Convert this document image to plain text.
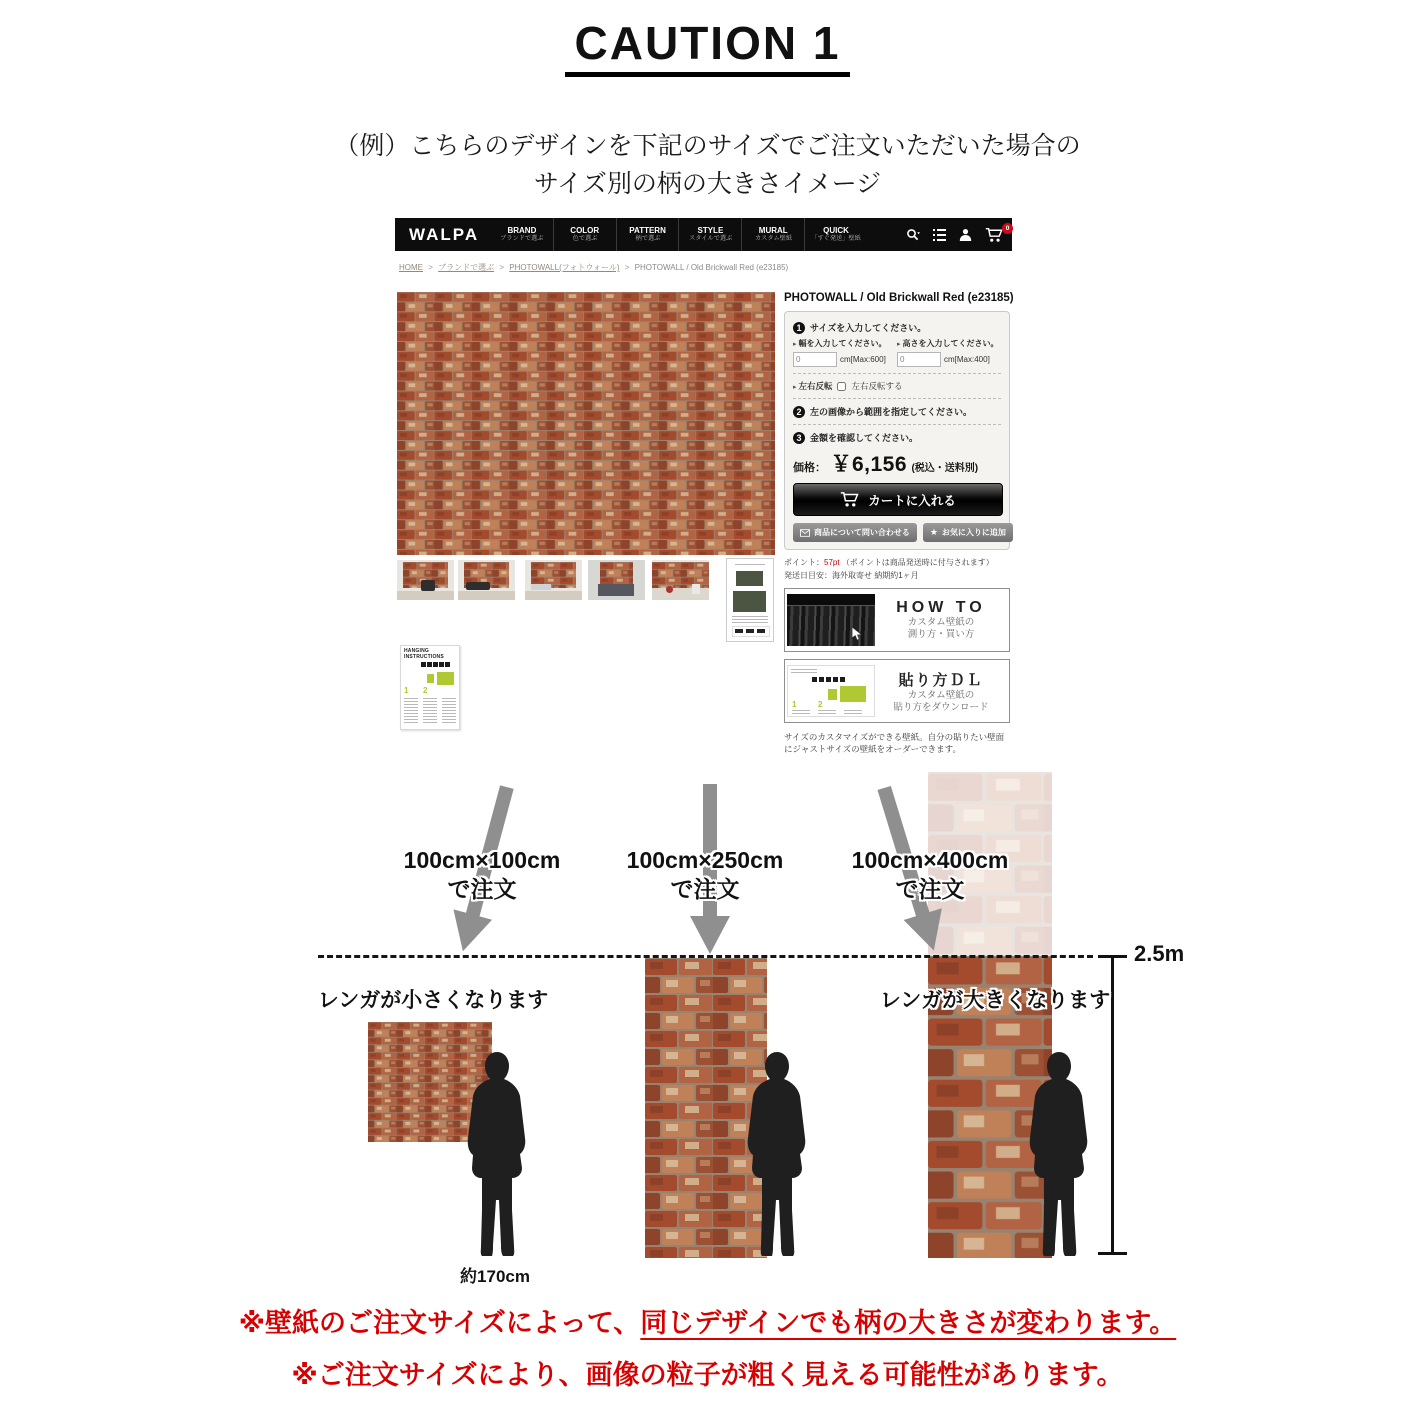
CAUTION 1
（例）こちらのデザインを下記のサイズでご注文いただいた場合の
サイズ別の柄の大きさイメージ
WALPA	BRAND
ブランドで選ぶ
COLOR
色で選ぶ
PATTERN
柄で選ぶ
STYLE
スタイルで選ぶ
MURAL
カスタム壁紙
QUICK
「すぐ発送」壁紙
0
HOME > ブランドで選ぶ > PHOTOWALL(フォトウォール) > PHOTOWALL / Old Brickwall Red (e23185)
HANGING
INSTRUCTIONS
1 2
PHOTOWALL / Old Brickwall Red (e23185)
1 サイズを入力してください。
▸ 幅を入力してください。	▸ 高さを入力してください。
0
cm[Max:600]
0	cm[Max:400]
▸ 左右反転 左右反転する
2 左の画像から範囲を指定してください。
3 金額を確認してください。
価格： ￥6,156 (税込・送料別)
カートに入れる
商品について問い合わせる ★ お気に入りに追加
ポイント：57pt （ポイントは商品発送時に付与されます）
発送日目安：海外取寄せ 納期約1ヶ月
HOW TO
カスタム壁紙の
測り方・買い方
1	2
貼り方ＤＬ
カスタム壁紙の
貼り方をダウンロード
サイズのカスタマイズができる壁紙。自分の貼りたい壁面にジャストサイズの壁紙をオーダーできます。
100cm×100cm
で注文
100cm×250cm
で注文
100cm×400cm
で注文
レンガが小さくなります	レンガが大きくなります
2.5m
約170cm
※壁紙のご注文サイズによって、同じデザインでも柄の大きさが変わります。
※ご注文サイズにより、画像の粒子が粗く見える可能性があります。
